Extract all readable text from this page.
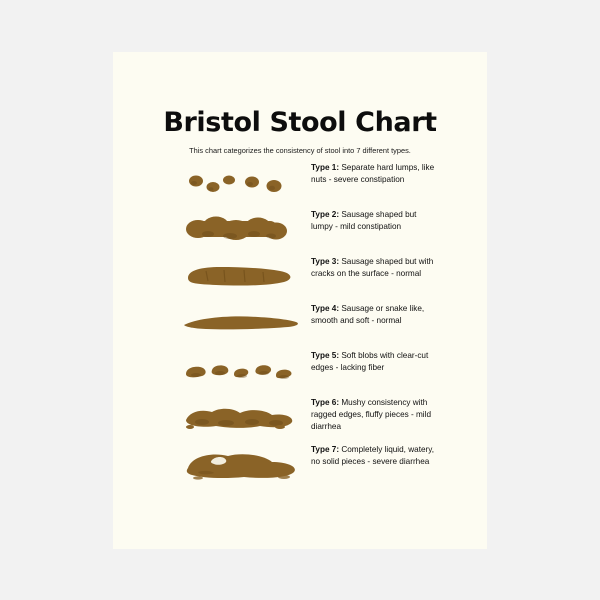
Bristol Stool Chart
This chart categorizes the consistency of stool into 7 different types.
Type 1: Separate hard lumps, like nuts - severe constipation
Type 2: Sausage shaped but lumpy - mild constipation
Type 3: Sausage shaped but with cracks on the surface - normal
Type 4: Sausage or snake like, smooth and soft - normal
Type 5: Soft blobs with clear-cut edges - lacking fiber
Type 6: Mushy consistency with ragged edges, fluffy pieces - mild diarrhea
Type 7: Completely liquid, watery, no solid pieces - severe diarrhea
